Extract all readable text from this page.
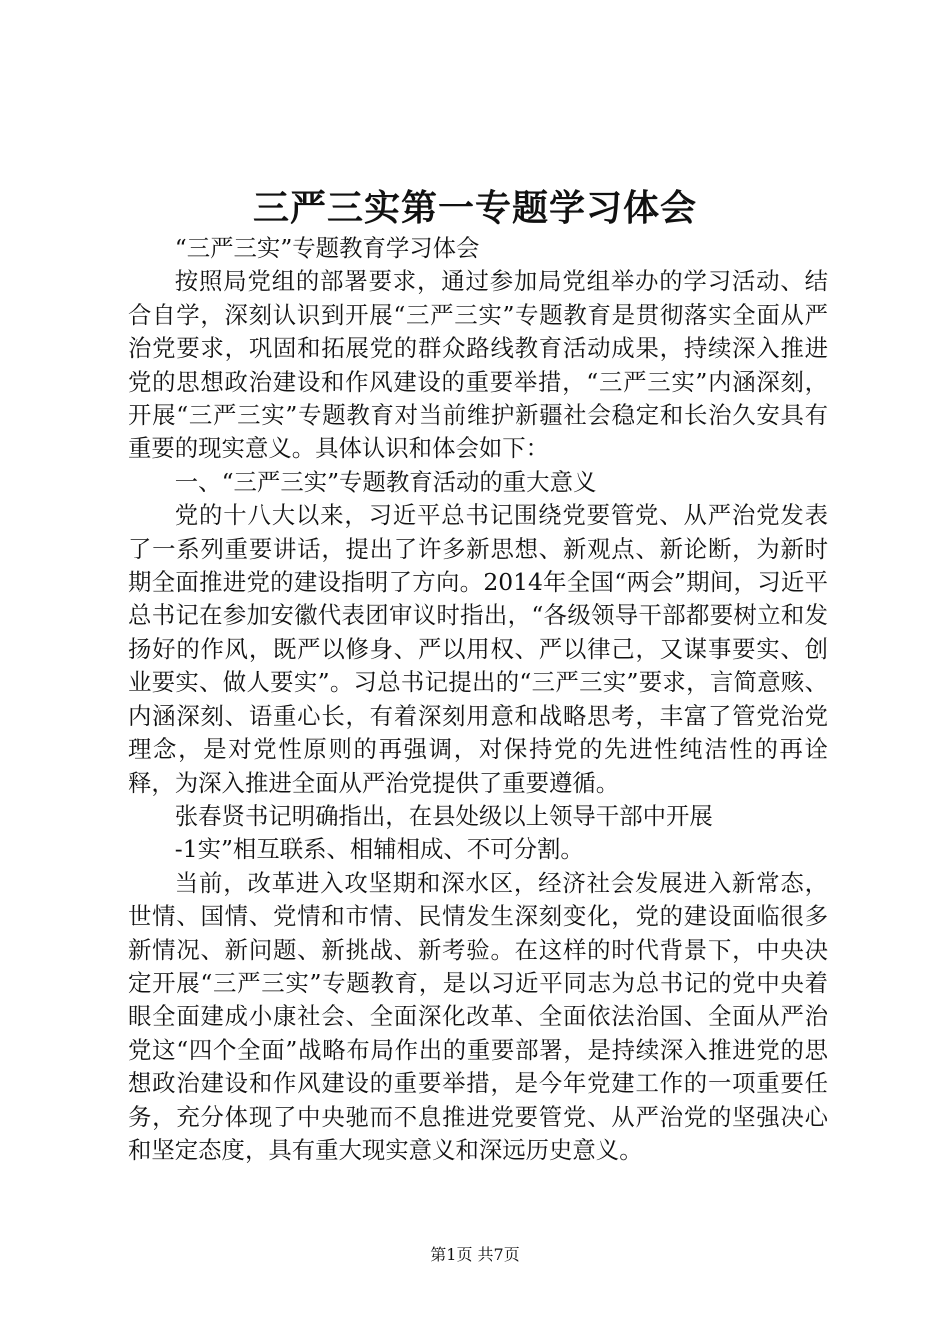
三严三实第一专题学习体会

“三严三实”专题教育学习体会

按照局党组的部署要求，通过参加局党组举办的学习活动、结合自学，深刻认识到开展“三严三实”专题教育是贯彻落实全面从严治党要求，巩固和拓展党的群众路线教育活动成果，持续深入推进党的思想政治建设和作风建设的重要举措，“三严三实”内涵深刻，开展“三严三实”专题教育对当前维护新疆社会稳定和长治久安具有重要的现实意义。具体认识和体会如下：

一、“三严三实”专题教育活动的重大意义

党的十八大以来，习近平总书记围绕党要管党、从严治党发表了一系列重要讲话，提出了许多新思想、新观点、新论断，为新时期全面推进党的建设指明了方向。2014年全国“两会”期间，习近平总书记在参加安徽代表团审议时指出，“各级领导干部都要树立和发扬好的作风，既严以修身、严以用权、严以律己，又谋事要实、创业要实、做人要实”。习总书记提出的“三严三实”要求，言简意赅、内涵深刻、语重心长，有着深刻用意和战略思考，丰富了管党治党理念，是对党性原则的再强调，对保持党的先进性纯洁性的再诠释，为深入推进全面从严治党提供了重要遵循。

张春贤书记明确指出，在县处级以上领导干部中开展

-1实”相互联系、相辅相成、不可分割。

当前，改革进入攻坚期和深水区，经济社会发展进入新常态，世情、国情、党情和市情、民情发生深刻变化，党的建设面临很多新情况、新问题、新挑战、新考验。在这样的时代背景下，中央决定开展“三严三实”专题教育，是以习近平同志为总书记的党中央着眼全面建成小康社会、全面深化改革、全面依法治国、全面从严治党这“四个全面”战略布局作出的重要部署，是持续深入推进党的思想政治建设和作风建设的重要举措，是今年党建工作的一项重要任务，充分体现了中央驰而不息推进党要管党、从严治党的坚强决心和坚定态度，具有重大现实意义和深远历史意义。

第1页 共7页
